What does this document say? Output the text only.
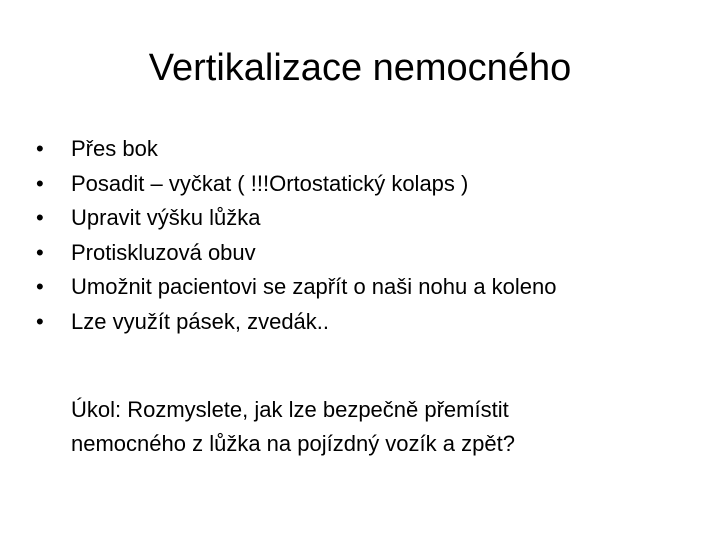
Vertikalizace nemocného
•	Přes bok
•	Posadit – vyčkat ( !!!Ortostatický kolaps )
•	Upravit výšku lůžka
•	Protiskluzová obuv
•	Umožnit pacientovi se zapřít o naši nohu a koleno
•	Lze využít pásek, zvedák..

Úkol: Rozmyslete, jak lze bezpečně přemístit
nemocného z lůžka na pojízdný vozík a zpět?
